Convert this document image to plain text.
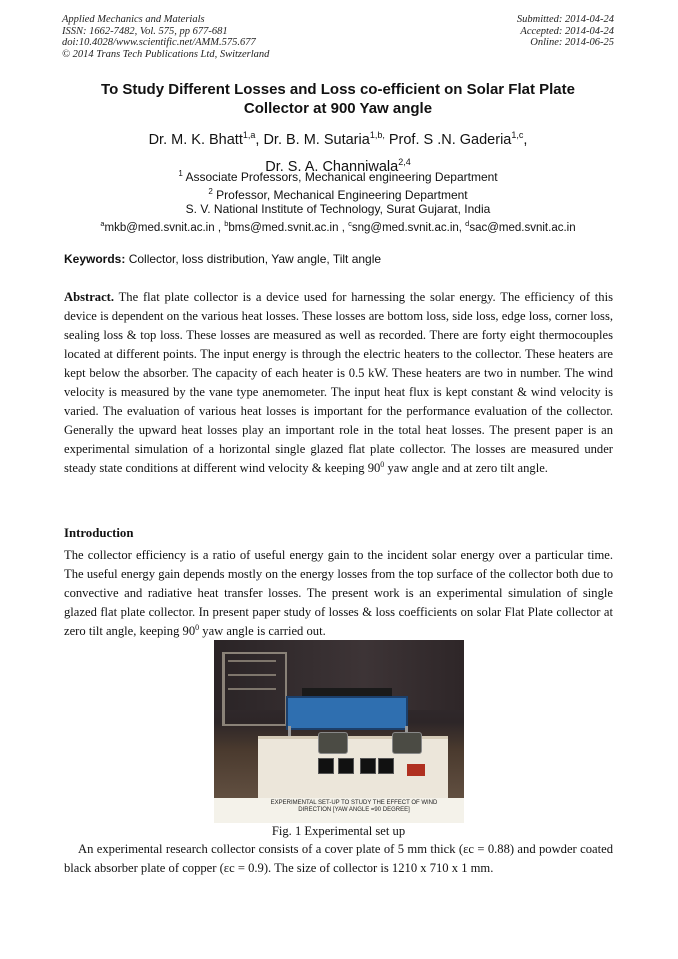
Applied Mechanics and Materials
ISSN: 1662-7482, Vol. 575, pp 677-681
doi:10.4028/www.scientific.net/AMM.575.677
© 2014 Trans Tech Publications Ltd, Switzerland
Submitted: 2014-04-24
Accepted: 2014-04-24
Online: 2014-06-25
To Study Different Losses and Loss co-efficient on Solar Flat Plate
Collector at 900 Yaw angle
Dr. M. K. Bhatt$^{1,a}$, Dr. B. M. Sutaria$^{1,b,}$ Prof. S .N. Gaderia$^{1,c}$,
Dr. S. A. Channiwala$^{2,4}$
$^1$ Associate Professors, Mechanical engineering Department
$^2$ Professor, Mechanical Engineering Department
S. V. National Institute of Technology, Surat Gujarat, India
$^a$mkb@med.svnit.ac.in , $^b$bms@med.svnit.ac.in , $^c$sng@med.svnit.ac.in, $^d$sac@med.svnit.ac.in
Keywords: Collector, loss distribution, Yaw angle, Tilt angle
Abstract. The flat plate collector is a device used for harnessing the solar energy. The efficiency of this device is dependent on the various heat losses. These losses are bottom loss, side loss, edge loss, corner loss, sealing loss & top loss. These losses are measured as well as recorded. There are forty eight thermocouples located at different points. The input energy is through the electric heaters to the collector. These heaters are kept below the absorber. The capacity of each heater is 0.5 kW. These heaters are two in number. The wind velocity is measured by the vane type anemometer. The input heat flux is kept constant & wind velocity is varied. The evaluation of various heat losses is important for the performance evaluation of the collector. Generally the upward heat losses play an important role in the total heat losses. The present paper is an experimental simulation of a horizontal single glazed flat plate collector. The losses are measured under steady state conditions at different wind velocity & keeping $90^0$ yaw angle and at zero tilt angle.
Introduction
The collector efficiency is a ratio of useful energy gain to the incident solar energy over a particular time. The useful energy gain depends mostly on the energy losses from the top surface of the collector both due to convective and radiative heat transfer losses. The present work is an experimental simulation of single glazed flat plate collector. In present paper study of losses & loss coefficients on solar Flat Plate collector at zero tilt angle, keeping $90^0$ yaw angle is carried out.
EXPERIMENTAL SET-UP TO STUDY THE EFFECT OF WIND DIRECTION [YAW ANGLE =90 DEGREE]
Fig. 1 Experimental set up
An experimental research collector consists of a cover plate of 5 mm thick (εc = 0.88) and powder coated black absorber plate of copper (εc = 0.9). The size of collector is 1210 x 710 x 1 mm.
